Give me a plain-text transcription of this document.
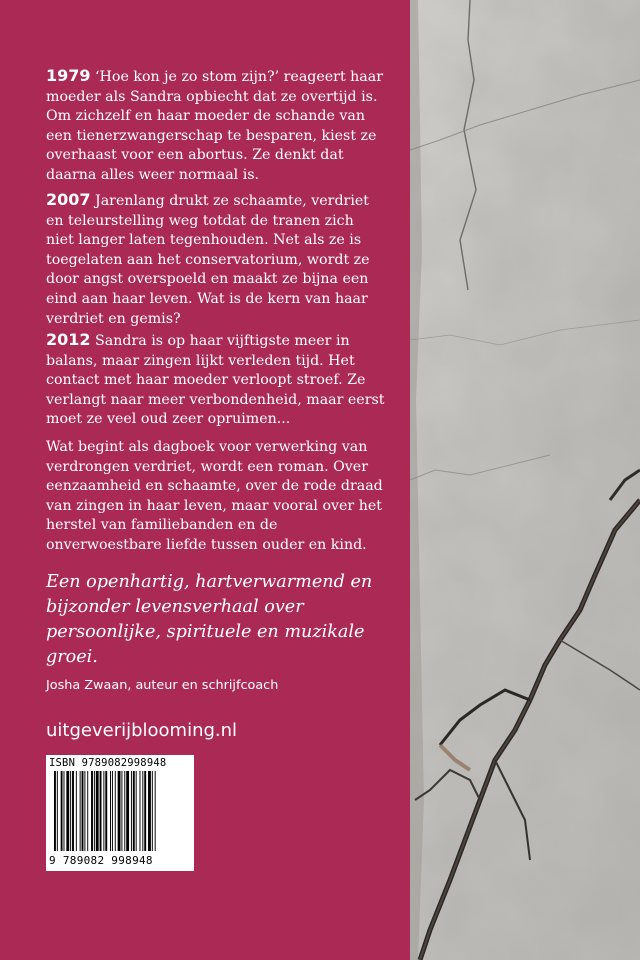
1979 ‘Hoe kon je zo stom zijn?’ reageert haar moeder als Sandra opbiecht dat ze overtijd is. Om zichzelf en haar moeder de schande van een tienerzwangerschap te besparen, kiest ze overhaast voor een abortus. Ze denkt dat daarna alles weer normaal is.
2007 Jarenlang drukt ze schaamte, verdriet en teleurstelling weg totdat de tranen zich niet langer laten tegenhouden. Net als ze is toegelaten aan het conservatorium, wordt ze door angst overspoeld en maakt ze bijna een eind aan haar leven. Wat is de kern van haar verdriet en gemis?
2012 Sandra is op haar vijftigste meer in balans, maar zingen lijkt verleden tijd. Het contact met haar moeder verloopt stroef. Ze verlangt naar meer verbondenheid, maar eerst moet ze veel oud zeer opruimen...
Wat begint als dagboek voor verwerking van verdrongen verdriet, wordt een roman. Over eenzaamheid en schaamte, over de rode draad van zingen in haar leven, maar vooral over het herstel van familiebanden en de onverwoestbare liefde tussen ouder en kind.
Een openhartig, hartverwarmend en bijzonder levensverhaal over persoonlijke, spirituele en muzikale groei.
Josha Zwaan, auteur en schrijfcoach
uitgeverijblooming.nl
ISBN 9789082998948
9 789082 998948
